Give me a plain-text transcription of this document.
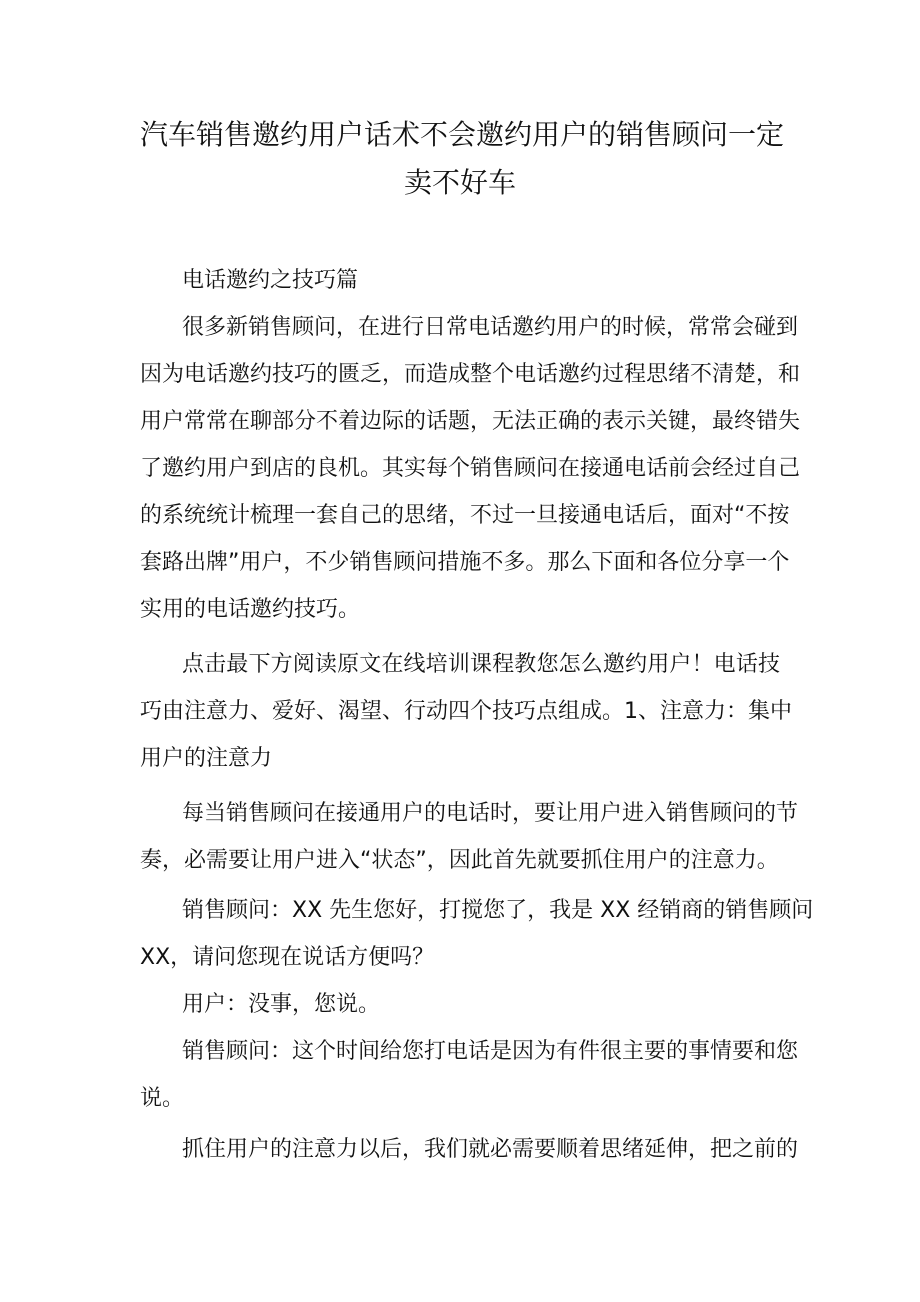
汽车销售邀约用户话术不会邀约用户的销售顾问一定
卖不好车
电话邀约之技巧篇
很多新销售顾问，在进行日常电话邀约用户的时候，常常会碰到
因为电话邀约技巧的匮乏，而造成整个电话邀约过程思绪不清楚，和
用户常常在聊部分不着边际的话题，无法正确的表示关键，最终错失
了邀约用户到店的良机。其实每个销售顾问在接通电话前会经过自己
的系统统计梳理一套自己的思绪，不过一旦接通电话后，面对“不按
套路出牌”用户，不少销售顾问措施不多。那么下面和各位分享一个
实用的电话邀约技巧。
点击最下方阅读原文在线培训课程教您怎么邀约用户！电话技
巧由注意力、爱好、渴望、行动四个技巧点组成。1、注意力：集中
用户的注意力
每当销售顾问在接通用户的电话时，要让用户进入销售顾问的节
奏，必需要让用户进入“状态”，因此首先就要抓住用户的注意力。
销售顾问：XX 先生您好，打搅您了，我是 XX 经销商的销售顾问
XX，请问您现在说话方便吗？
用户：没事，您说。
销售顾问：这个时间给您打电话是因为有件很主要的事情要和您
说。
抓住用户的注意力以后，我们就必需要顺着思绪延伸，把之前的
